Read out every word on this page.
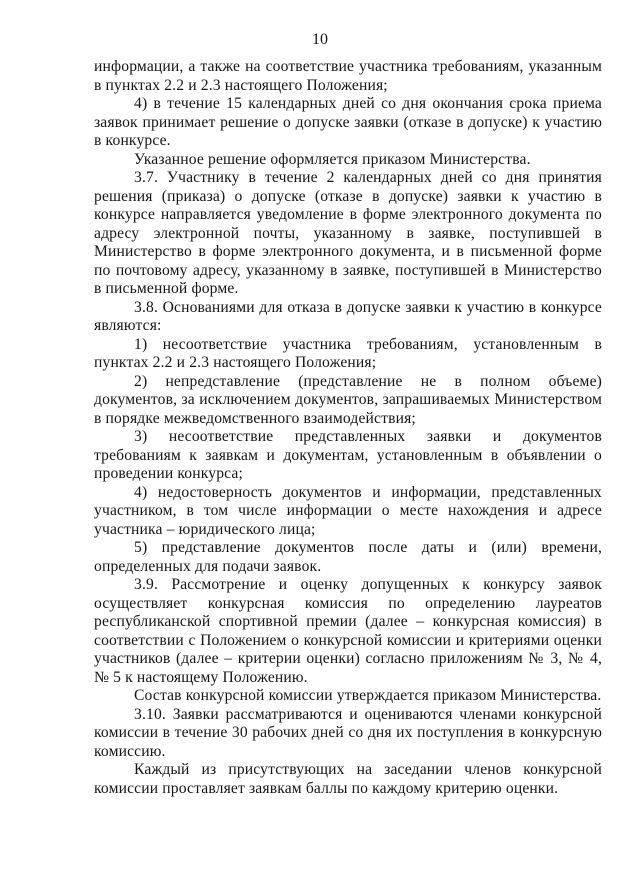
10

информации, а также на соответствие участника требованиям, указанным в пунктах 2.2 и 2.3 настоящего Положения;

4) в течение 15 календарных дней со дня окончания срока приема заявок принимает решение о допуске заявки (отказе в допуске) к участию в конкурсе.

Указанное решение оформляется приказом Министерства.

3.7. Участнику в течение 2 календарных дней со дня принятия решения (приказа) о допуске (отказе в допуске) заявки к участию в конкурсе направляется уведомление в форме электронного документа по адресу электронной почты, указанному в заявке, поступившей в Министерство в форме электронного документа, и в письменной форме по почтовому адресу, указанному в заявке, поступившей в Министерство в письменной форме.

3.8. Основаниями для отказа в допуске заявки к участию в конкурсе являются:

1) несоответствие участника требованиям, установленным в пунктах 2.2 и 2.3 настоящего Положения;

2) непредставление (представление не в полном объеме) документов, за исключением документов, запрашиваемых Министерством в порядке межведомственного взаимодействия;

3) несоответствие представленных заявки и документов требованиям к заявкам и документам, установленным в объявлении о проведении конкурса;

4) недостоверность документов и информации, представленных участником, в том числе информации о месте нахождения и адресе участника – юридического лица;

5) представление документов после даты и (или) времени, определенных для подачи заявок.

3.9. Рассмотрение и оценку допущенных к конкурсу заявок осуществляет конкурсная комиссия по определению лауреатов республиканской спортивной премии (далее – конкурсная комиссия) в соответствии с Положением о конкурсной комиссии и критериями оценки участников (далее – критерии оценки) согласно приложениям № 3, № 4, № 5 к настоящему Положению.

Состав конкурсной комиссии утверждается приказом Министерства.

3.10. Заявки рассматриваются и оцениваются членами конкурсной комиссии в течение 30 рабочих дней со дня их поступления в конкурсную комиссию.

Каждый из присутствующих на заседании членов конкурсной комиссии проставляет заявкам баллы по каждому критерию оценки.
